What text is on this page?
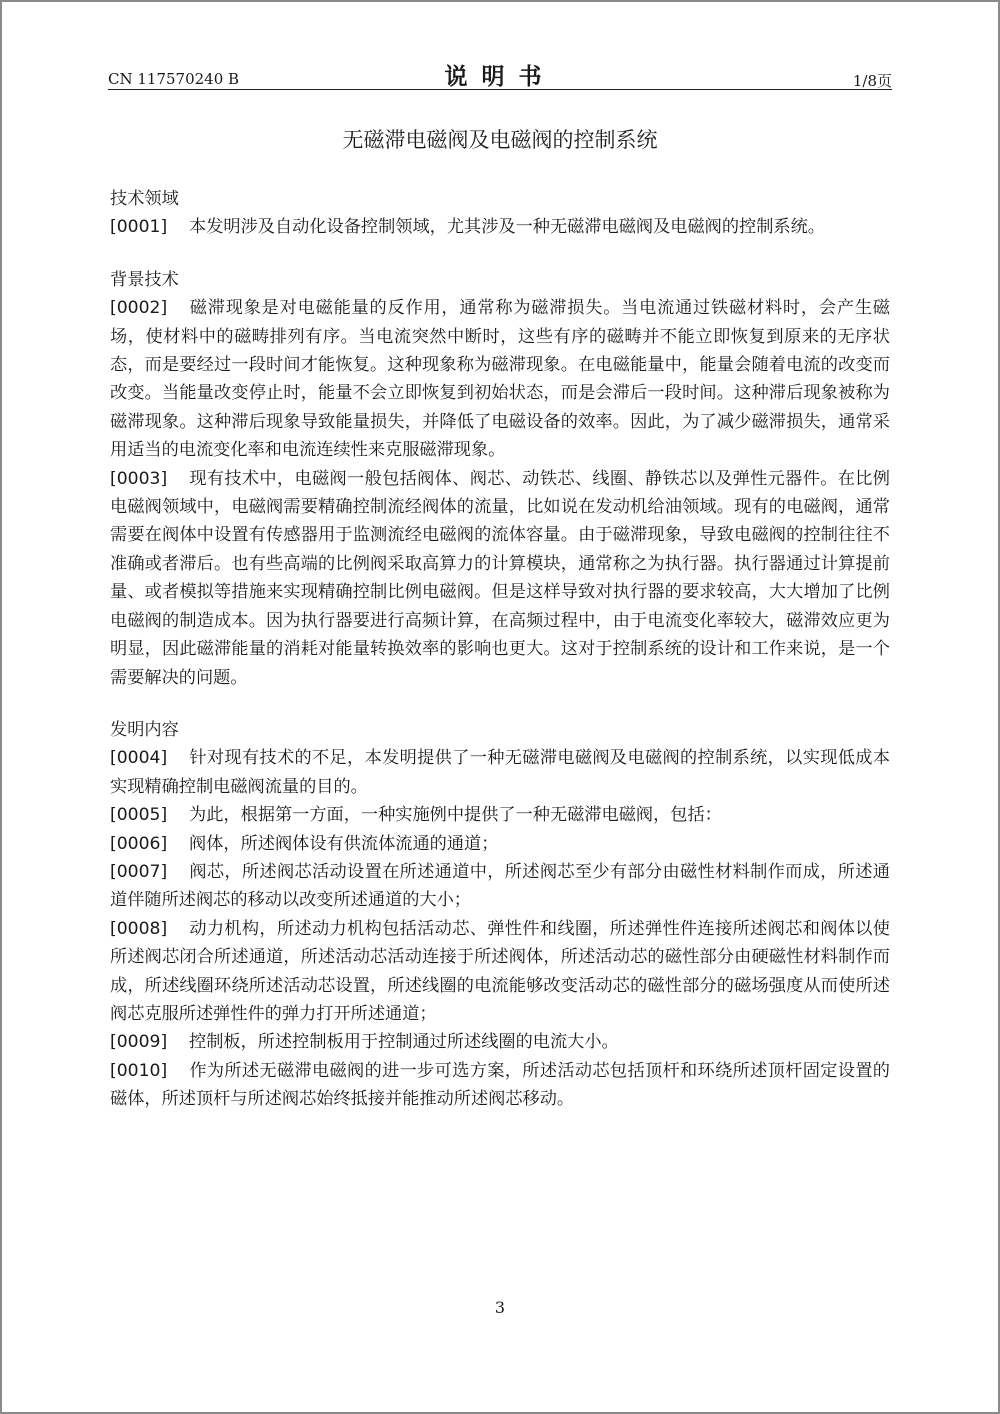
CN 117570240 B	说明书	1/8页
无磁滞电磁阀及电磁阀的控制系统
技术领域

[0001] 本发明涉及自动化设备控制领域，尤其涉及一种无磁滞电磁阀及电磁阀的控制系统。

背景技术

[0002] 磁滞现象是对电磁能量的反作用，通常称为磁滞损失。当电流通过铁磁材料时，会产生磁场，使材料中的磁畴排列有序。当电流突然中断时，这些有序的磁畴并不能立即恢复到原来的无序状态，而是要经过一段时间才能恢复。这种现象称为磁滞现象。在电磁能量中，能量会随着电流的改变而改变。当能量改变停止时，能量不会立即恢复到初始状态，而是会滞后一段时间。这种滞后现象被称为磁滞现象。这种滞后现象导致能量损失，并降低了电磁设备的效率。因此，为了减少磁滞损失，通常采用适当的电流变化率和电流连续性来克服磁滞现象。

[0003] 现有技术中，电磁阀一般包括阀体、阀芯、动铁芯、线圈、静铁芯以及弹性元器件。在比例电磁阀领域中，电磁阀需要精确控制流经阀体的流量，比如说在发动机给油领域。现有的电磁阀，通常需要在阀体中设置有传感器用于监测流经电磁阀的流体容量。由于磁滞现象，导致电磁阀的控制往往不准确或者滞后。也有些高端的比例阀采取高算力的计算模块，通常称之为执行器。执行器通过计算提前量、或者模拟等措施来实现精确控制比例电磁阀。但是这样导致对执行器的要求较高，大大增加了比例电磁阀的制造成本。因为执行器要进行高频计算，在高频过程中，由于电流变化率较大，磁滞效应更为明显，因此磁滞能量的消耗对能量转换效率的影响也更大。这对于控制系统的设计和工作来说，是一个需要解决的问题。

发明内容

[0004] 针对现有技术的不足，本发明提供了一种无磁滞电磁阀及电磁阀的控制系统，以实现低成本实现精确控制电磁阀流量的目的。

[0005] 为此，根据第一方面，一种实施例中提供了一种无磁滞电磁阀，包括：

[0006] 阀体，所述阀体设有供流体流通的通道；

[0007] 阀芯，所述阀芯活动设置在所述通道中，所述阀芯至少有部分由磁性材料制作而成，所述通道伴随所述阀芯的移动以改变所述通道的大小；

[0008] 动力机构，所述动力机构包括活动芯、弹性件和线圈，所述弹性件连接所述阀芯和阀体以使所述阀芯闭合所述通道，所述活动芯活动连接于所述阀体，所述活动芯的磁性部分由硬磁性材料制作而成，所述线圈环绕所述活动芯设置，所述线圈的电流能够改变活动芯的磁性部分的磁场强度从而使所述阀芯克服所述弹性件的弹力打开所述通道；

[0009] 控制板，所述控制板用于控制通过所述线圈的电流大小。

[0010] 作为所述无磁滞电磁阀的进一步可选方案，所述活动芯包括顶杆和环绕所述顶杆固定设置的磁体，所述顶杆与所述阀芯始终抵接并能推动所述阀芯移动。

3
